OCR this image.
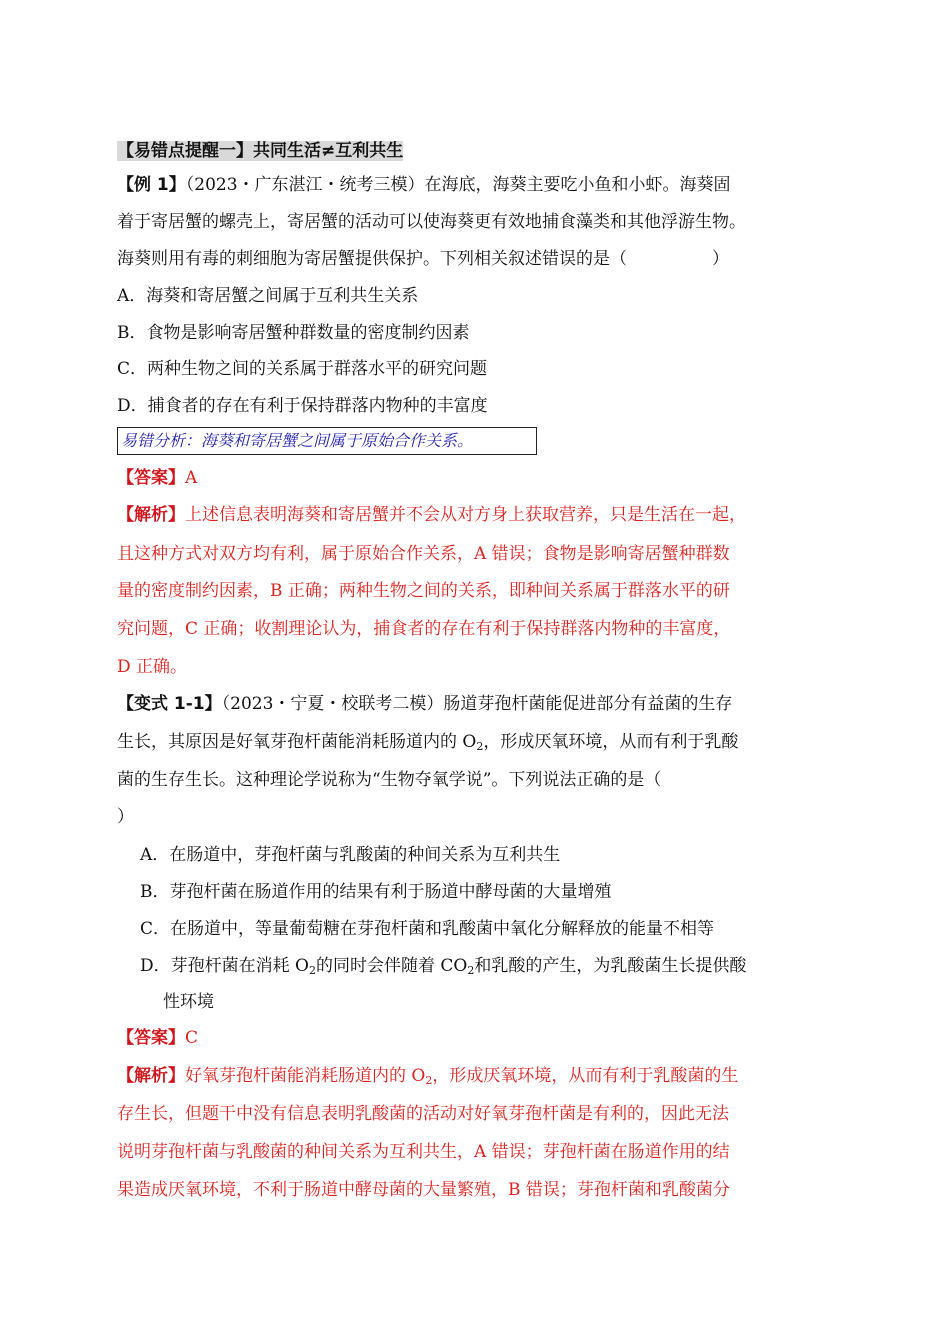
【易错点提醒一】共同生活≠互利共生
【例 1】（2023・广东湛江・统考三模）在海底，海葵主要吃小鱼和小虾。海葵固
着于寄居蟹的螺壳上，寄居蟹的活动可以使海葵更有效地捕食藻类和其他浮游生物。
海葵则用有毒的刺细胞为寄居蟹提供保护。下列相关叙述错误的是（　　　　　）
A．海葵和寄居蟹之间属于互利共生关系
B．食物是影响寄居蟹种群数量的密度制约因素
C．两种生物之间的关系属于群落水平的研究问题
D．捕食者的存在有利于保持群落内物种的丰富度
易错分析：海葵和寄居蟹之间属于原始合作关系。
【答案】A
【解析】上述信息表明海葵和寄居蟹并不会从对方身上获取营养，只是生活在一起，
且这种方式对双方均有利，属于原始合作关系，A 错误；食物是影响寄居蟹种群数
量的密度制约因素，B 正确；两种生物之间的关系，即种间关系属于群落水平的研
究问题，C 正确；收割理论认为，捕食者的存在有利于保持群落内物种的丰富度，
D 正确。
【变式 1-1】（2023・宁夏・校联考二模）肠道芽孢杆菌能促进部分有益菌的生存
生长，其原因是好氧芽孢杆菌能消耗肠道内的 $O_2$，形成厌氧环境，从而有利于乳酸
菌的生存生长。这种理论学说称为“生物夺氧学说”。下列说法正确的是（
）
A．在肠道中，芽孢杆菌与乳酸菌的种间关系为互利共生
B．芽孢杆菌在肠道作用的结果有利于肠道中酵母菌的大量增殖
C．在肠道中，等量葡萄糖在芽孢杆菌和乳酸菌中氧化分解释放的能量不相等
D．芽孢杆菌在消耗 $O_2$的同时会伴随着 $CO_2$和乳酸的产生，为乳酸菌生长提供酸
性环境
【答案】C
【解析】好氧芽孢杆菌能消耗肠道内的 $O_2$，形成厌氧环境，从而有利于乳酸菌的生
存生长，但题干中没有信息表明乳酸菌的活动对好氧芽孢杆菌是有利的，因此无法
说明芽孢杆菌与乳酸菌的种间关系为互利共生，A 错误；芽孢杆菌在肠道作用的结
果造成厌氧环境，不利于肠道中酵母菌的大量繁殖，B 错误；芽孢杆菌和乳酸菌分
